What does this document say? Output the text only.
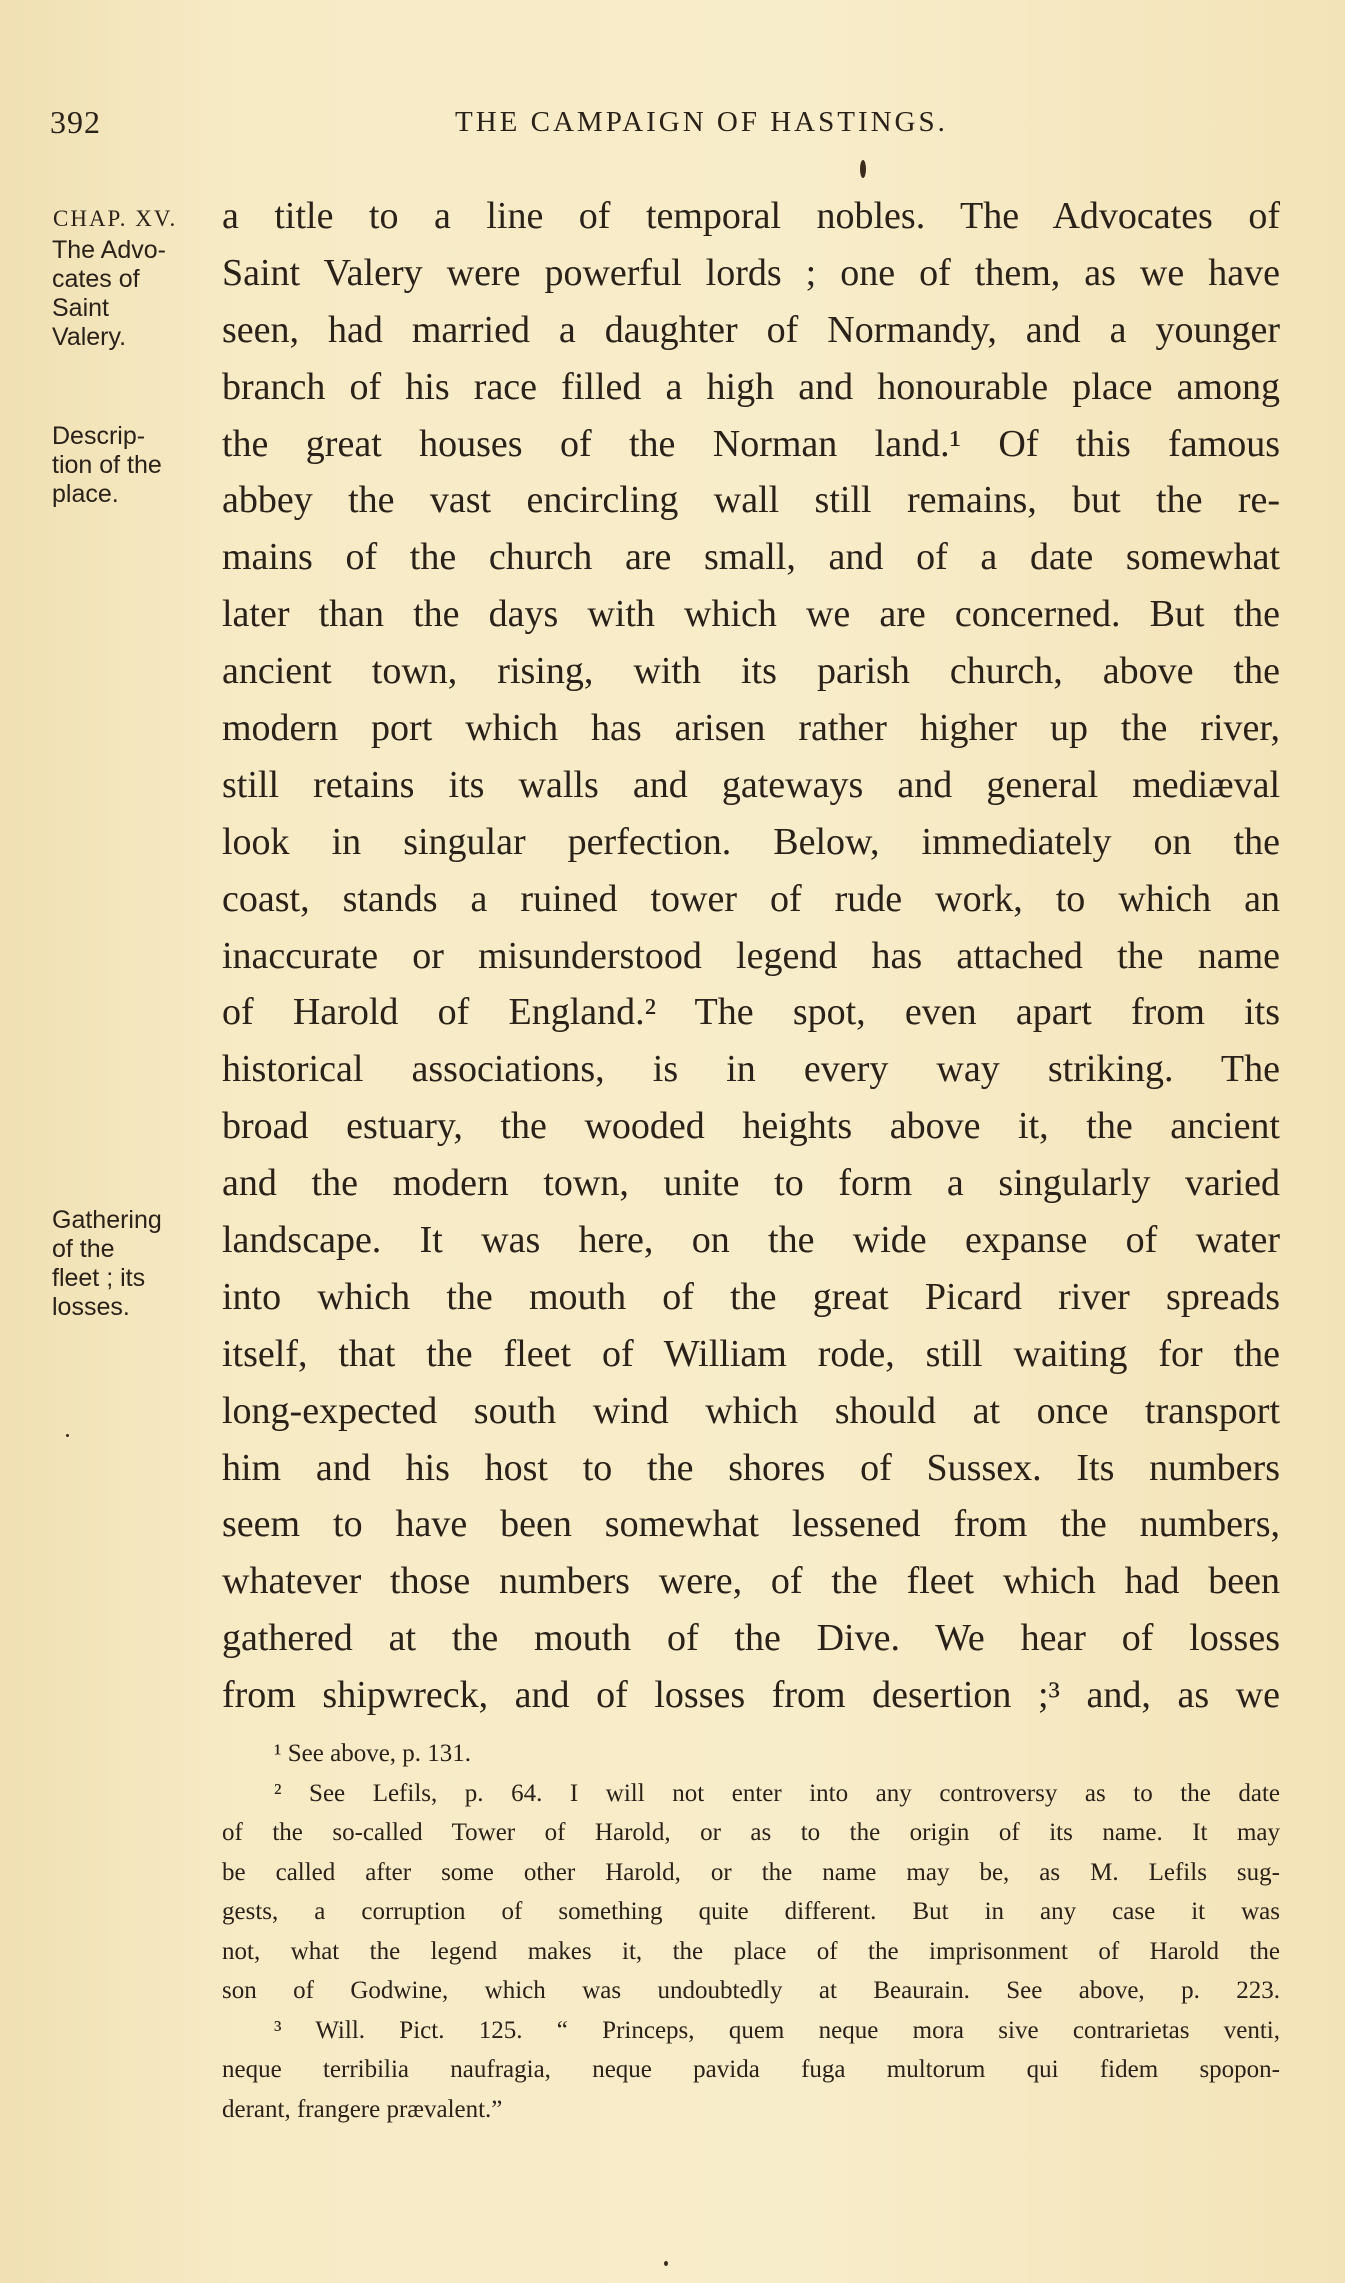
392	THE CAMPAIGN OF HASTINGS.
CHAP. XV.
The Advo-
cates of
Saint
Valery.
Descrip-
tion of the
place.
Gathering
of the
fleet ; its
losses.
a title to a line of temporal nobles. The Advocates of
Saint Valery were powerful lords ; one of them, as we have
seen, had married a daughter of Normandy, and a younger
branch of his race filled a high and honourable place among
the great houses of the Norman land.¹ Of this famous
abbey the vast encircling wall still remains, but the re-
mains of the church are small, and of a date somewhat
later than the days with which we are concerned. But the
ancient town, rising, with its parish church, above the
modern port which has arisen rather higher up the river,
still retains its walls and gateways and general mediæval
look in singular perfection. Below, immediately on the
coast, stands a ruined tower of rude work, to which an
inaccurate or misunderstood legend has attached the name
of Harold of England.² The spot, even apart from its
historical associations, is in every way striking. The
broad estuary, the wooded heights above it, the ancient
and the modern town, unite to form a singularly varied
landscape. It was here, on the wide expanse of water
into which the mouth of the great Picard river spreads
itself, that the fleet of William rode, still waiting for the
long-expected south wind which should at once transport
him and his host to the shores of Sussex. Its numbers
seem to have been somewhat lessened from the numbers,
whatever those numbers were, of the fleet which had been
gathered at the mouth of the Dive. We hear of losses
from shipwreck, and of losses from desertion ;³ and, as we
¹ See above, p. 131.
² See Lefils, p. 64. I will not enter into any controversy as to the date
of the so-called Tower of Harold, or as to the origin of its name. It may
be called after some other Harold, or the name may be, as M. Lefils sug-
gests, a corruption of something quite different. But in any case it was
not, what the legend makes it, the place of the imprisonment of Harold the
son of Godwine, which was undoubtedly at Beaurain. See above, p. 223.
³ Will. Pict. 125. “ Princeps, quem neque mora sive contrarietas venti,
neque terribilia naufragia, neque pavida fuga multorum qui fidem spopon-
derant, frangere prævalent.”
